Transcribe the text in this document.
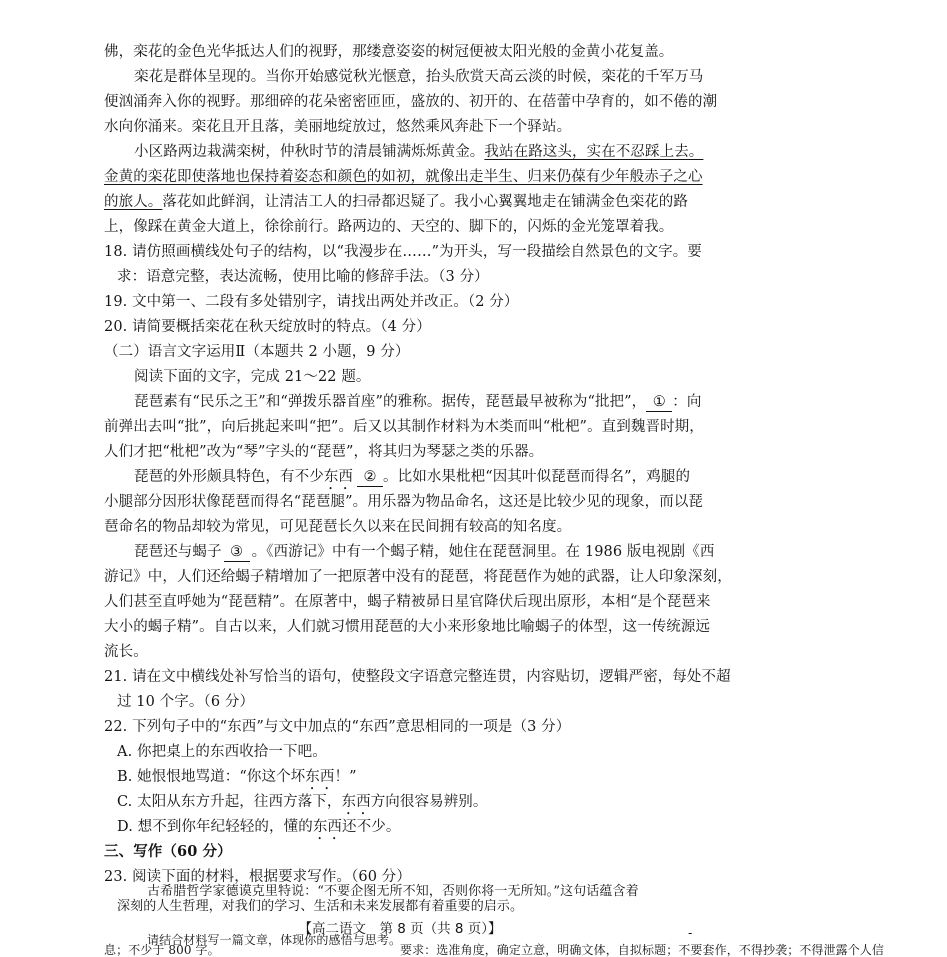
佛，栾花的金色光华抵达人们的视野，那缕意姿姿的树冠便被太阳光般的金黄小花复盖。
栾花是群体呈现的。当你开始感觉秋光惬意，抬头欣赏天高云淡的时候，栾花的千军万马
便汹涌奔入你的视野。那细碎的花朵密密匝匝，盛放的、初开的、在蓓蕾中孕育的，如不倦的潮
水向你涌来。栾花且开且落，美丽地绽放过，悠然乘风奔赴下一个驿站。
小区路两边栽满栾树，仲秋时节的清晨铺满烁烁黄金。我站在路这头，实在不忍踩上去。
金黄的栾花即使落地也保持着姿态和颜色的如初，就像出走半生、归来仍葆有少年般赤子之心
的旅人。落花如此鲜润，让清洁工人的扫帚都迟疑了。我小心翼翼地走在铺满金色栾花的路
上，像踩在黄金大道上，徐徐前行。路两边的、天空的、脚下的，闪烁的金光笼罩着我。
18. 请仿照画横线处句子的结构，以“我漫步在……”为开头，写一段描绘自然景色的文字。要
求：语意完整，表达流畅，使用比喻的修辞手法。（3 分）
19. 文中第一、二段有多处错别字，请找出两处并改正。（2 分）
20. 请简要概括栾花在秋天绽放时的特点。（4 分）
（二）语言文字运用Ⅱ（本题共 2 小题，9 分）
阅读下面的文字，完成 21～22 题。
琵琶素有“民乐之王”和“弹拨乐器首座”的雅称。据传，琵琶最早被称为“批把”， ① ：向
前弹出去叫“批”，向后挑起来叫“把”。后又以其制作材料为木类而叫“枇杷”。直到魏晋时期，
人们才把“枇杷”改为“琴”字头的“琵琶”，将其归为琴瑟之类的乐器。
琵琶的外形颇具特色，有不少东西 ② 。比如水果枇杷“因其叶似琵琶而得名”，鸡腿的
小腿部分因形状像琵琶而得名“琵琶腿”。用乐器为物品命名，这还是比较少见的现象，而以琵
琶命名的物品却较为常见，可见琵琶长久以来在民间拥有较高的知名度。
琵琶还与蝎子 ③ 。《西游记》中有一个蝎子精，她住在琵琶洞里。在 1986 版电视剧《西
游记》中，人们还给蝎子精增加了一把原著中没有的琵琶，将琵琶作为她的武器，让人印象深刻，
人们甚至直呼她为“琵琶精”。在原著中，蝎子精被昴日星官降伏后现出原形，本相“是个琵琶来
大小的蝎子精”。自古以来，人们就习惯用琵琶的大小来形象地比喻蝎子的体型，这一传统源远
流长。
21. 请在文中横线处补写恰当的语句，使整段文字语意完整连贯，内容贴切，逻辑严密，每处不超
过 10 个字。（6 分）
22. 下列句子中的“东西”与文中加点的“东西”意思相同的一项是（3 分）
A. 你把桌上的东西收拾一下吧。
B. 她恨恨地骂道：“你这个坏东西！”
C. 太阳从东方升起，往西方落下，东西方向很容易辨别。
D. 想不到你年纪轻轻的，懂的东西还不少。
三、写作（60 分）
23. 阅读下面的材料，根据要求写作。（60 分）
【高二语文　第 8 页（共 8 页）】	-
古希腊哲学家德谟克里特说：“不要企图无所不知，否则你将一无所知。”这句话蕴含着
深刻的人生哲理，对我们的学习、生活和未来发展都有着重要的启示。
请结合材料写一篇文章，体现你的感悟与思考。
要求：选准角度，确定立意，明确文体，自拟标题；不要套作，不得抄袭；不得泄露个人信
息；不少于 800 字。
